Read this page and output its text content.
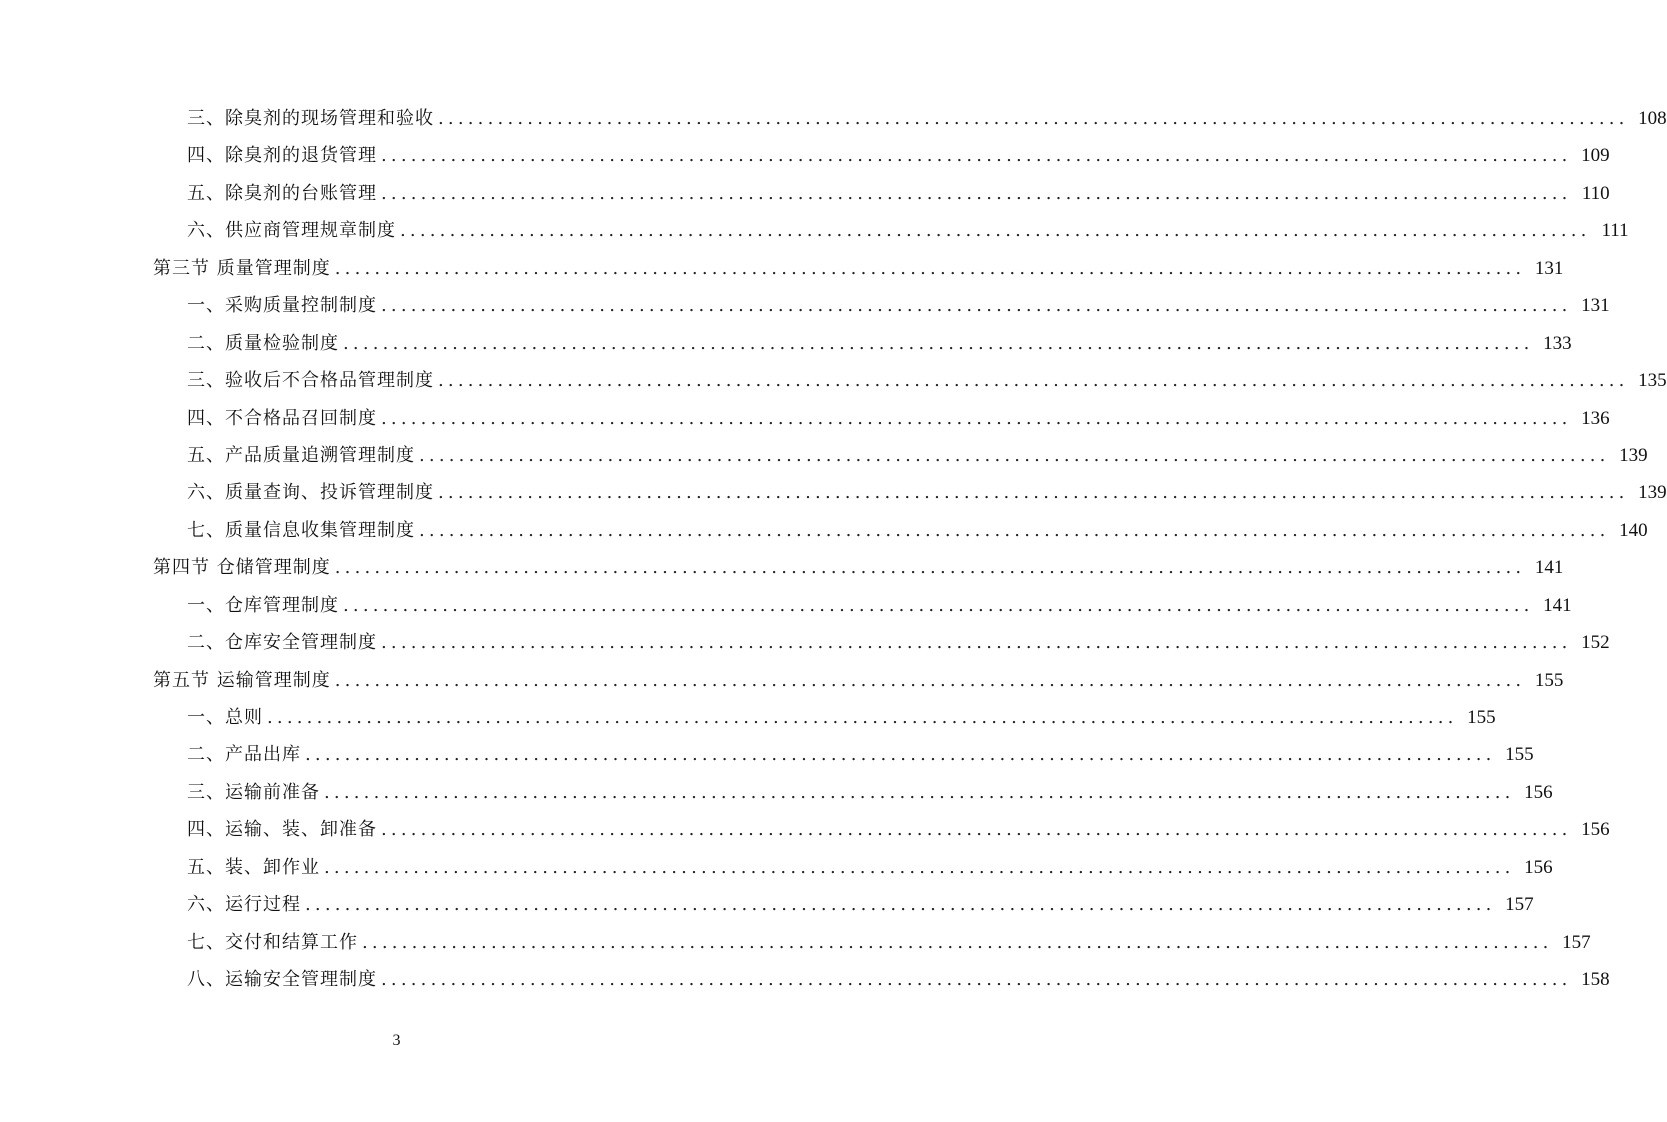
三、除臭剂的现场管理和验收 ........................................................................................................................ 108
四、除臭剂的退货管理 ........................................................................................................................ 109
五、除臭剂的台账管理 ........................................................................................................................ 110
六、供应商管理规章制度 ........................................................................................................................ 111
第三节 质量管理制度 ........................................................................................................................ 131
一、采购质量控制制度 ........................................................................................................................ 131
二、质量检验制度 ........................................................................................................................ 133
三、验收后不合格品管理制度 ........................................................................................................................ 135
四、不合格品召回制度 ........................................................................................................................ 136
五、产品质量追溯管理制度 ........................................................................................................................ 139
六、质量查询、投诉管理制度 ........................................................................................................................ 139
七、质量信息收集管理制度 ........................................................................................................................ 140
第四节 仓储管理制度 ........................................................................................................................ 141
一、仓库管理制度 ........................................................................................................................ 141
二、仓库安全管理制度 ........................................................................................................................ 152
第五节 运输管理制度 ........................................................................................................................ 155
一、总则 ........................................................................................................................ 155
二、产品出库 ........................................................................................................................ 155
三、运输前准备 ........................................................................................................................ 156
四、运输、装、卸准备 ........................................................................................................................ 156
五、装、卸作业 ........................................................................................................................ 156
六、运行过程 ........................................................................................................................ 157
七、交付和结算工作 ........................................................................................................................ 157
八、运输安全管理制度 ........................................................................................................................ 158
3
